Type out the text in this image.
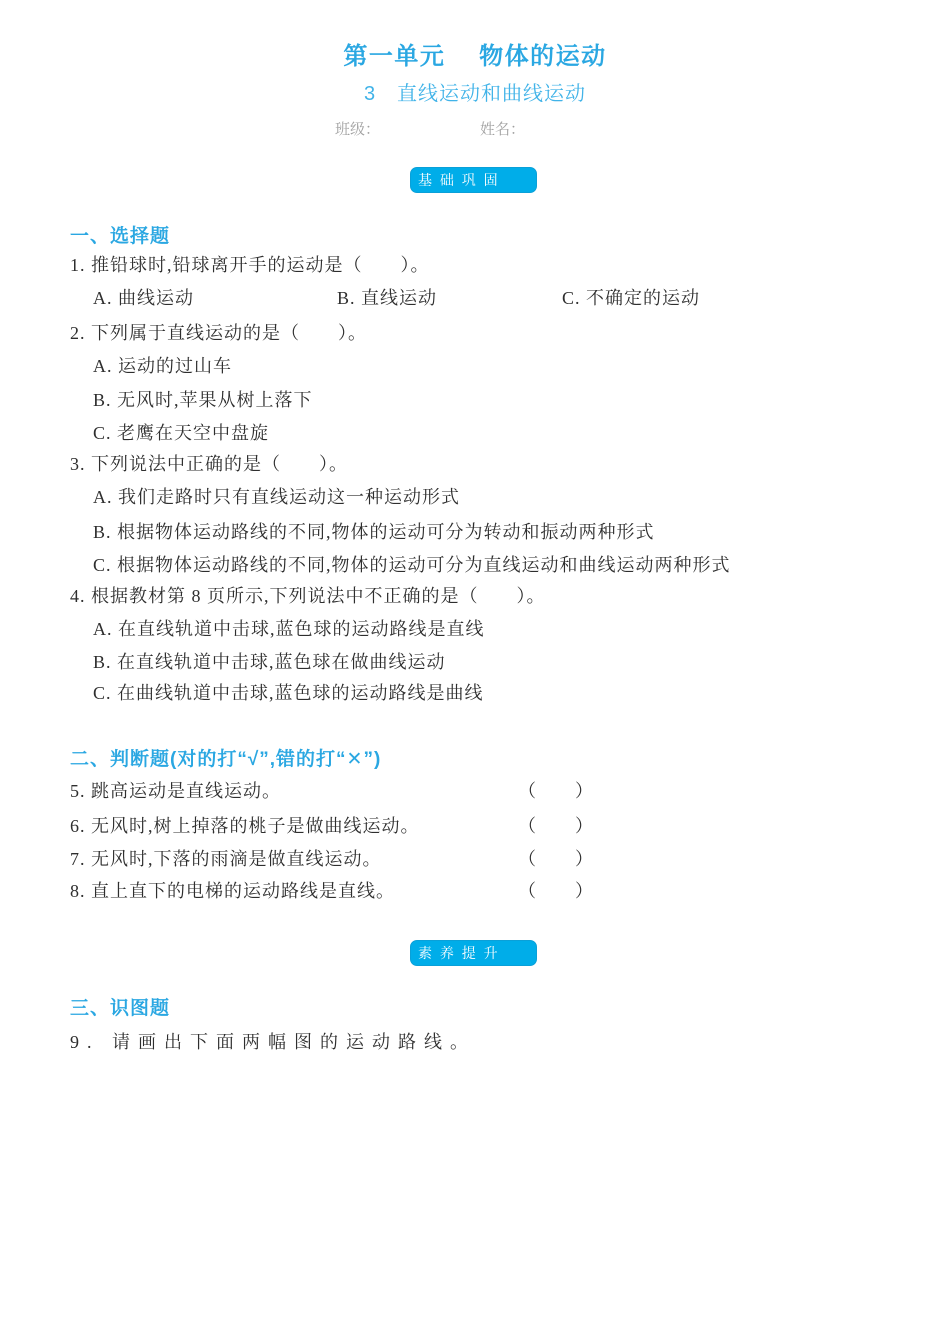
第一单元　 物体的运动
3　直线运动和曲线运动
班级：	姓名：
基 础 巩 固
一、选择题
1. 推铅球时,铅球离开手的运动是（　　）。
A. 曲线运动	B. 直线运动	C. 不确定的运动
2. 下列属于直线运动的是（　　）。
A. 运动的过山车
B. 无风时,苹果从树上落下
C. 老鹰在天空中盘旋
3. 下列说法中正确的是（　　）。
A. 我们走路时只有直线运动这一种运动形式
B. 根据物体运动路线的不同,物体的运动可分为转动和振动两种形式
C. 根据物体运动路线的不同,物体的运动可分为直线运动和曲线运动两种形式
4. 根据教材第 8 页所示,下列说法中不正确的是（　　）。
A. 在直线轨道中击球,蓝色球的运动路线是直线
B. 在直线轨道中击球,蓝色球在做曲线运动
C. 在曲线轨道中击球,蓝色球的运动路线是曲线
二、判断题(对的打“√”,错的打“✕”)
5. 跳高运动是直线运动。	（　　）
6. 无风时,树上掉落的桃子是做曲线运动。	（　　）
7. 无风时,下落的雨滴是做直线运动。	（　　）
8. 直上直下的电梯的运动路线是直线。	（　　）
素 养 提 升
三、识图题
9. 请画出下面两幅图的运动路线。
